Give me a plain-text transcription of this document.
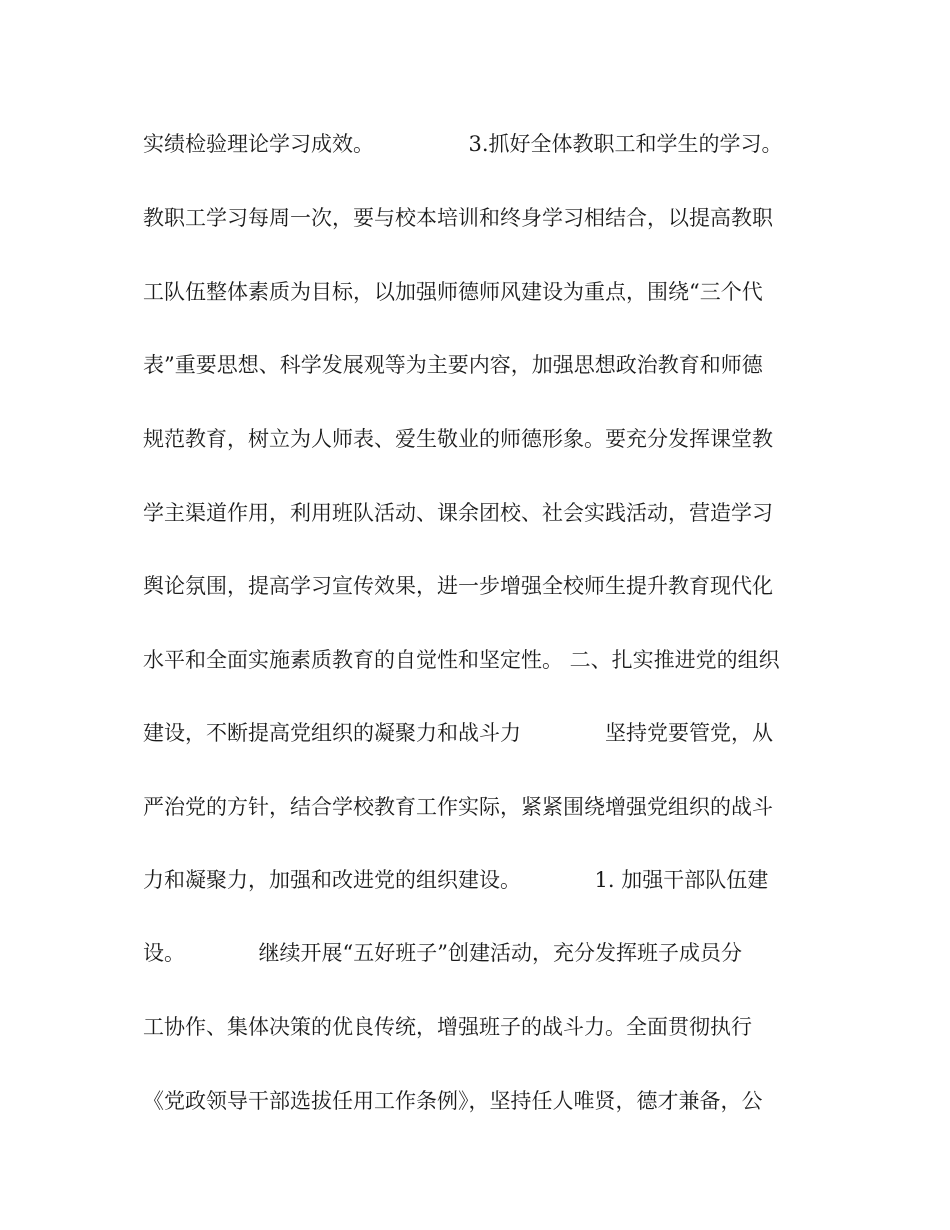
实绩检验理论学习成效。　　　　　3.抓好全体教职工和学生的学习。

教职工学习每周一次，要与校本培训和终身学习相结合，以提高教职

工队伍整体素质为目标，以加强师德师风建设为重点，围绕“三个代

表”重要思想、科学发展观等为主要内容，加强思想政治教育和师德

规范教育，树立为人师表、爱生敬业的师德形象。要充分发挥课堂教

学主渠道作用，利用班队活动、课余团校、社会实践活动，营造学习

舆论氛围，提高学习宣传效果，进一步增强全校师生提升教育现代化

水平和全面实施素质教育的自觉性和坚定性。 二、扎实推进党的组织

建设，不断提高党组织的凝聚力和战斗力　　　　坚持党要管党，从

严治党的方针，结合学校教育工作实际，紧紧围绕增强党组织的战斗

力和凝聚力，加强和改进党的组织建设。　　　　1. 加强干部队伍建

设。　　　　继续开展“五好班子”创建活动，充分发挥班子成员分

工协作、集体决策的优良传统，增强班子的战斗力。全面贯彻执行

《党政领导干部选拔任用工作条例》，坚持任人唯贤，德才兼备，公
